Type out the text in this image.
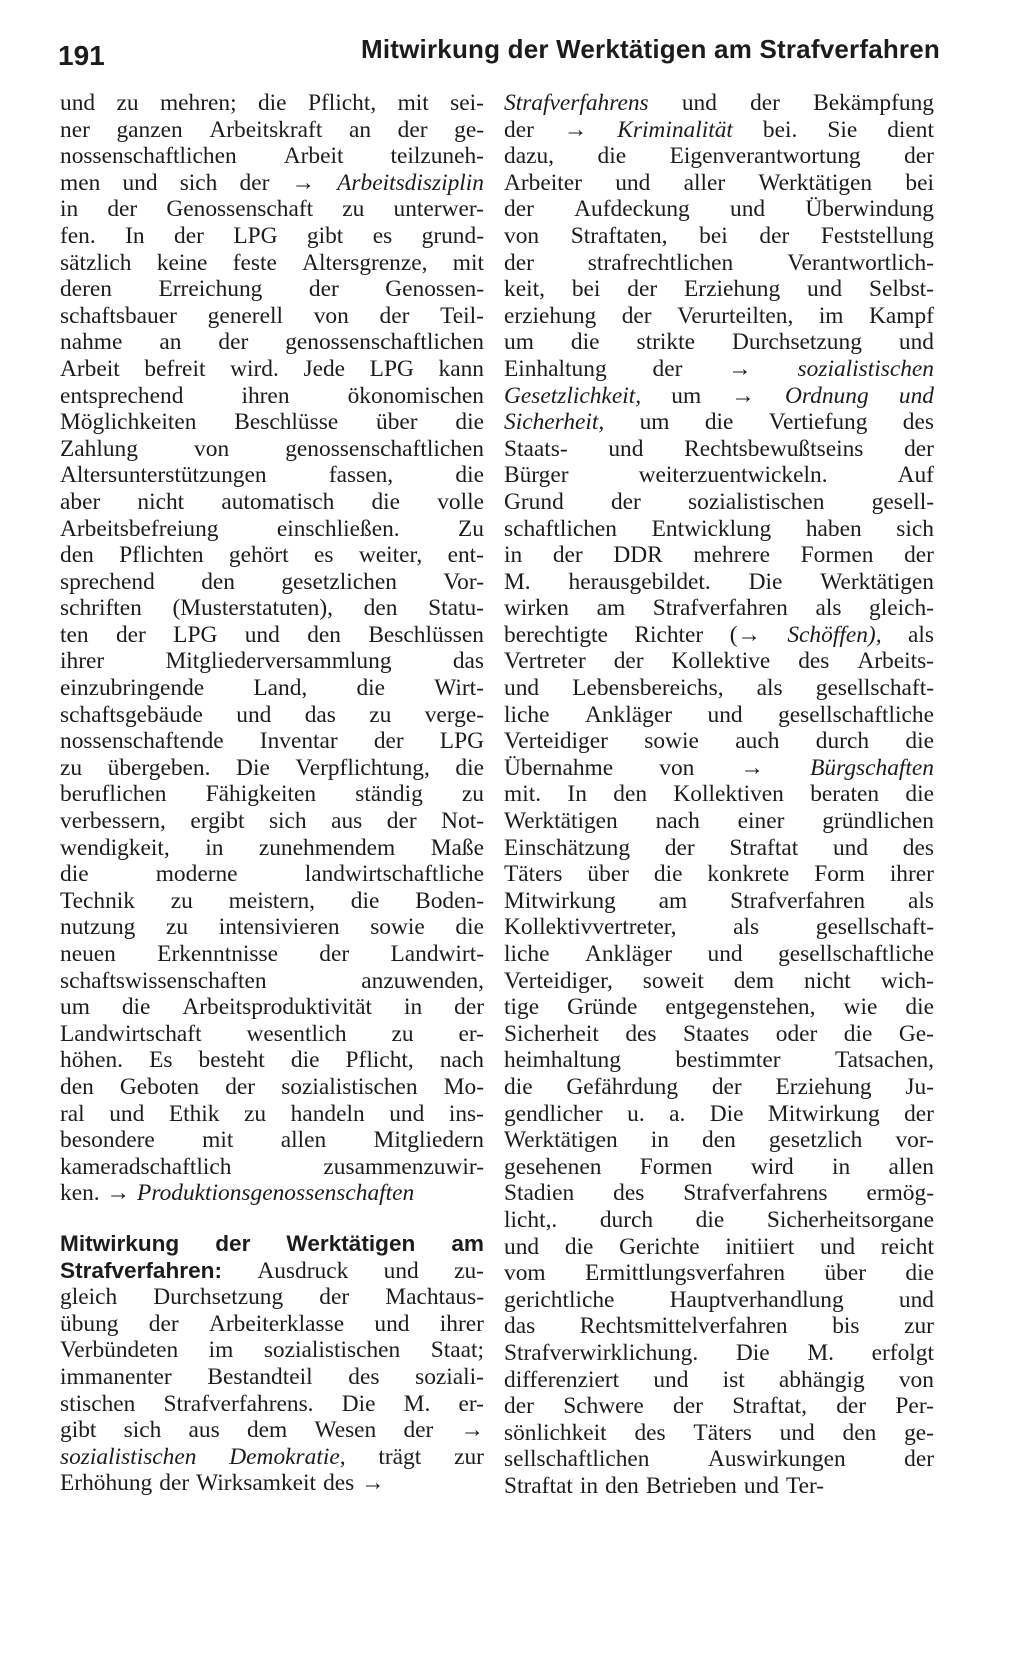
191	Mitwirkung der Werktätigen am Strafverfahren
und zu mehren; die Pflicht, mit sei-
ner ganzen Arbeitskraft an der ge-
nossenschaftlichen Arbeit teilzuneh-
men und sich der → Arbeitsdisziplin
in der Genossenschaft zu unterwer-
fen. In der LPG gibt es grund-
sätzlich keine feste Altersgrenze, mit
deren Erreichung der Genossen-
schaftsbauer generell von der Teil-
nahme an der genossenschaftlichen
Arbeit befreit wird. Jede LPG kann
entsprechend ihren ökonomischen
Möglichkeiten Beschlüsse über die
Zahlung von genossenschaftlichen
Altersunterstützungen	fassen,	die
aber nicht automatisch die volle
Arbeitsbefreiung einschließen. Zu
den Pflichten gehört es weiter, ent-
sprechend den gesetzlichen Vor-
schriften (Musterstatuten), den Statu-
ten der LPG und den Beschlüssen
ihrer	Mitgliederversammlung	das
einzubringende Land, die Wirt-
schaftsgebäude und das zu verge-
nossenschaftende Inventar der LPG
zu übergeben. Die Verpflichtung, die
beruflichen Fähigkeiten ständig zu
verbessern, ergibt sich aus der Not-
wendigkeit, in zunehmendem Maße
die	moderne	landwirtschaftliche
Technik zu meistern, die Boden-
nutzung zu intensivieren sowie die
neuen Erkenntnisse der Landwirt-
schaftswissenschaften	anzuwenden,
um die Arbeitsproduktivität in der
Landwirtschaft wesentlich zu er-
höhen. Es besteht die Pflicht, nach
den Geboten der sozialistischen Mo-
ral und Ethik zu handeln und ins-
besondere mit allen Mitgliedern
kameradschaftlich	zusammenzuwir-
ken. → Produktionsgenossenschaften
Mitwirkung der Werktätigen am
Strafverfahren: Ausdruck und zu-
gleich Durchsetzung der Machtaus-
übung der Arbeiterklasse und ihrer
Verbündeten im sozialistischen Staat;
immanenter Bestandteil des soziali-
stischen Strafverfahrens. Die M. er-
gibt sich aus dem Wesen der →
sozialistischen Demokratie, trägt zur
Erhöhung der Wirksamkeit des →
Strafverfahrens und der Bekämpfung
der → Kriminalität bei. Sie dient
dazu, die Eigenverantwortung der
Arbeiter und aller Werktätigen bei
der Aufdeckung und Überwindung
von Straftaten, bei der Feststellung
der strafrechtlichen Verantwortlich-
keit, bei der Erziehung und Selbst-
erziehung der Verurteilten, im Kampf
um die strikte Durchsetzung und
Einhaltung der → sozialistischen
Gesetzlichkeit, um → Ordnung und
Sicherheit, um die Vertiefung des
Staats- und Rechtsbewußtseins der
Bürger	weiterzuentwickeln.	Auf
Grund der sozialistischen gesell-
schaftlichen Entwicklung haben sich
in der DDR mehrere Formen der
M. herausgebildet. Die Werktätigen
wirken am Strafverfahren als gleich-
berechtigte Richter (→ Schöffen), als
Vertreter der Kollektive des Arbeits-
und Lebensbereichs, als gesellschaft-
liche Ankläger und gesellschaftliche
Verteidiger sowie auch durch die
Übernahme von → Bürgschaften
mit. In den Kollektiven beraten die
Werktätigen nach einer gründlichen
Einschätzung der Straftat und des
Täters über die konkrete Form ihrer
Mitwirkung am Strafverfahren als
Kollektivvertreter, als gesellschaft-
liche Ankläger und gesellschaftliche
Verteidiger, soweit dem nicht wich-
tige Gründe entgegenstehen, wie die
Sicherheit des Staates oder die Ge-
heimhaltung bestimmter Tatsachen,
die Gefährdung der Erziehung Ju-
gendlicher u. a. Die Mitwirkung der
Werktätigen in den gesetzlich vor-
gesehenen Formen wird in allen
Stadien des Strafverfahrens ermög-
licht,. durch die Sicherheitsorgane
und die Gerichte initiiert und reicht
vom Ermittlungsverfahren über die
gerichtliche Hauptverhandlung und
das Rechtsmittelverfahren bis zur
Strafverwirklichung. Die M. erfolgt
differenziert und ist abhängig von
der Schwere der Straftat, der Per-
sönlichkeit des Täters und den ge-
sellschaftlichen Auswirkungen der
Straftat in den Betrieben und Ter-
